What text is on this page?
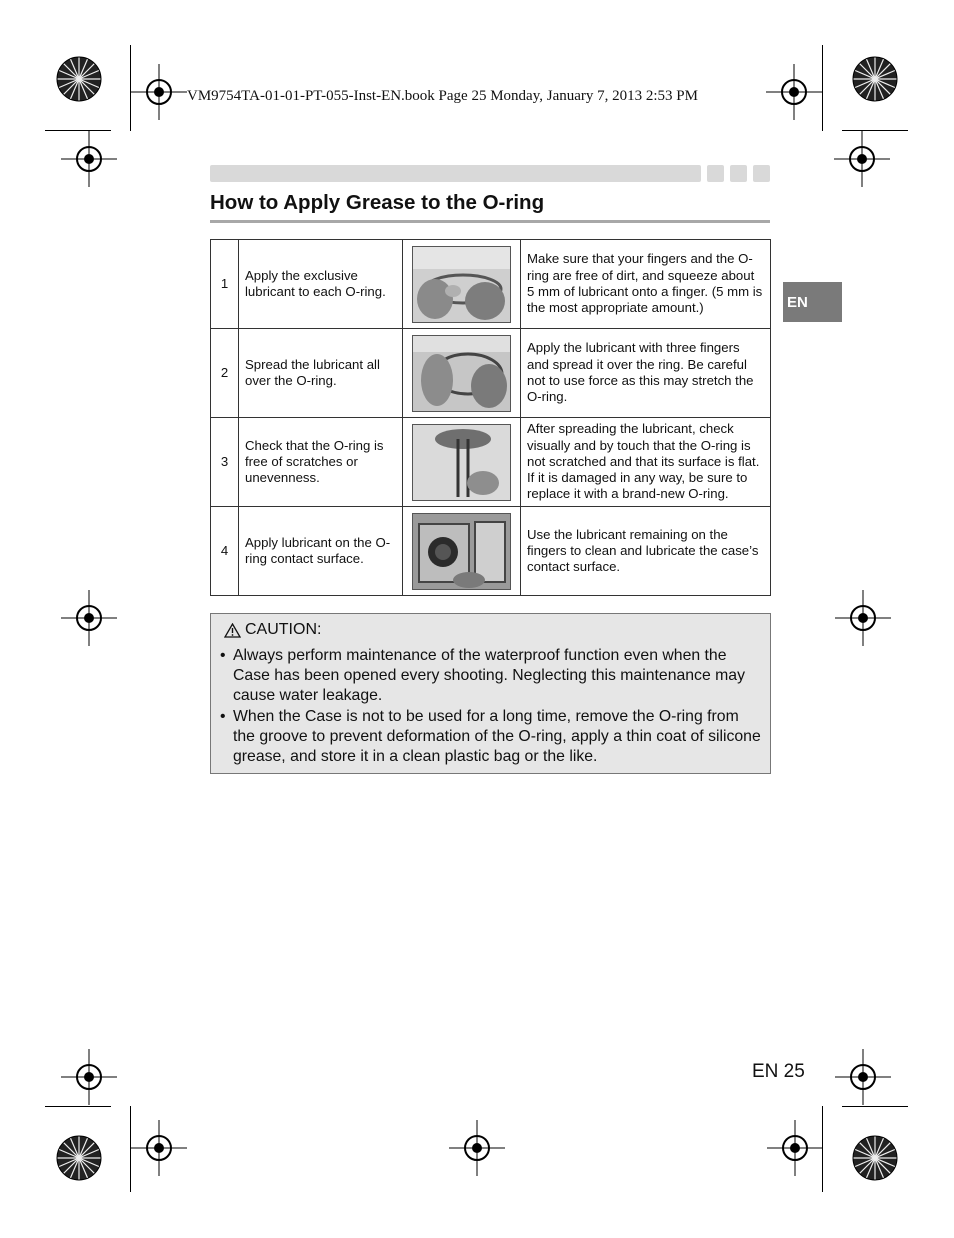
VM9754TA-01-01-PT-055-Inst-EN.book Page 25 Monday, January 7, 2013 2:53 PM
How to Apply Grease to the O-ring
EN
1	Apply the exclusive lubricant to each O-ring.		Make sure that your fingers and the O-ring are free of dirt, and squeeze about 5 mm of lubricant onto a finger. (5 mm is the most appropriate amount.)
2	Spread the lubricant all over the O-ring.		Apply the lubricant with three fingers and spread it over the ring. Be careful not to use force as this may stretch the O-ring.
3	Check that the O-ring is free of scratches or unevenness.		After spreading the lubricant, check visually and by touch that the O-ring is not scratched and that its surface is flat. If it is damaged in any way, be sure to replace it with a brand-new O-ring.
4	Apply lubricant on the O-ring contact surface.		Use the lubricant remaining on the fingers to clean and lubricate the case’s contact surface.
CAUTION:
• Always perform maintenance of the waterproof function even when the Case has been opened every shooting. Neglecting this maintenance may cause water leakage.
• When the Case is not to be used for a long time, remove the O-ring from the groove to prevent deformation of the O-ring, apply a thin coat of silicone grease, and store it in a clean plastic bag or the like.
EN 25
